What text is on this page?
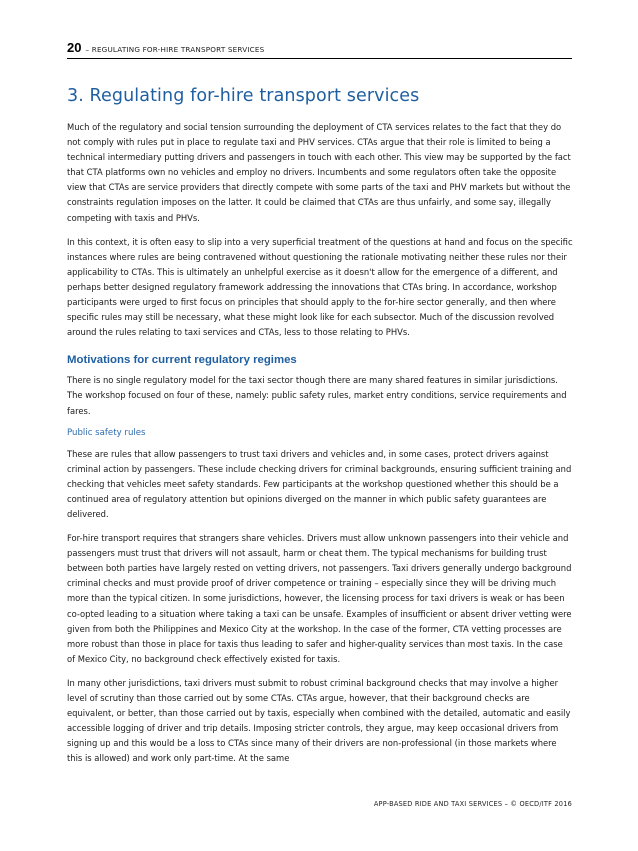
20 – REGULATING FOR-HIRE TRANSPORT SERVICES
3. Regulating for-hire transport services

Much of the regulatory and social tension surrounding the deployment of CTA services relates to the fact that they do not comply with rules put in place to regulate taxi and PHV services. CTAs argue that their role is limited to being a technical intermediary putting drivers and passengers in touch with each other. This view may be supported by the fact that CTA platforms own no vehicles and employ no drivers. Incumbents and some regulators often take the opposite view that CTAs are service providers that directly compete with some parts of the taxi and PHV markets but without the constraints regulation imposes on the latter. It could be claimed that CTAs are thus unfairly, and some say, illegally competing with taxis and PHVs.

In this context, it is often easy to slip into a very superficial treatment of the questions at hand and focus on the specific instances where rules are being contravened without questioning the rationale motivating neither these rules nor their applicability to CTAs. This is ultimately an unhelpful exercise as it doesn't allow for the emergence of a different, and perhaps better designed regulatory framework addressing the innovations that CTAs bring. In accordance, workshop participants were urged to first focus on principles that should apply to the for-hire sector generally, and then where specific rules may still be necessary, what these might look like for each subsector. Much of the discussion revolved around the rules relating to taxi services and CTAs, less to those relating to PHVs.

Motivations for current regulatory regimes

There is no single regulatory model for the taxi sector though there are many shared features in similar jurisdictions. The workshop focused on four of these, namely: public safety rules, market entry conditions, service requirements and fares.

Public safety rules

These are rules that allow passengers to trust taxi drivers and vehicles and, in some cases, protect drivers against criminal action by passengers. These include checking drivers for criminal backgrounds, ensuring sufficient training and checking that vehicles meet safety standards. Few participants at the workshop questioned whether this should be a continued area of regulatory attention but opinions diverged on the manner in which public safety guarantees are delivered.

For-hire transport requires that strangers share vehicles. Drivers must allow unknown passengers into their vehicle and passengers must trust that drivers will not assault, harm or cheat them. The typical mechanisms for building trust between both parties have largely rested on vetting drivers, not passengers. Taxi drivers generally undergo background criminal checks and must provide proof of driver competence or training – especially since they will be driving much more than the typical citizen. In some jurisdictions, however, the licensing process for taxi drivers is weak or has been co-opted leading to a situation where taking a taxi can be unsafe. Examples of insufficient or absent driver vetting were given from both the Philippines and Mexico City at the workshop. In the case of the former, CTA vetting processes are more robust than those in place for taxis thus leading to safer and higher-quality services than most taxis. In the case of Mexico City, no background check effectively existed for taxis.

In many other jurisdictions, taxi drivers must submit to robust criminal background checks that may involve a higher level of scrutiny than those carried out by some CTAs. CTAs argue, however, that their background checks are equivalent, or better, than those carried out by taxis, especially when combined with the detailed, automatic and easily accessible logging of driver and trip details. Imposing stricter controls, they argue, may keep occasional drivers from signing up and this would be a loss to CTAs since many of their drivers are non-professional (in those markets where this is allowed) and work only part-time. At the same

APP-BASED RIDE AND TAXI SERVICES – © OECD/ITF 2016
